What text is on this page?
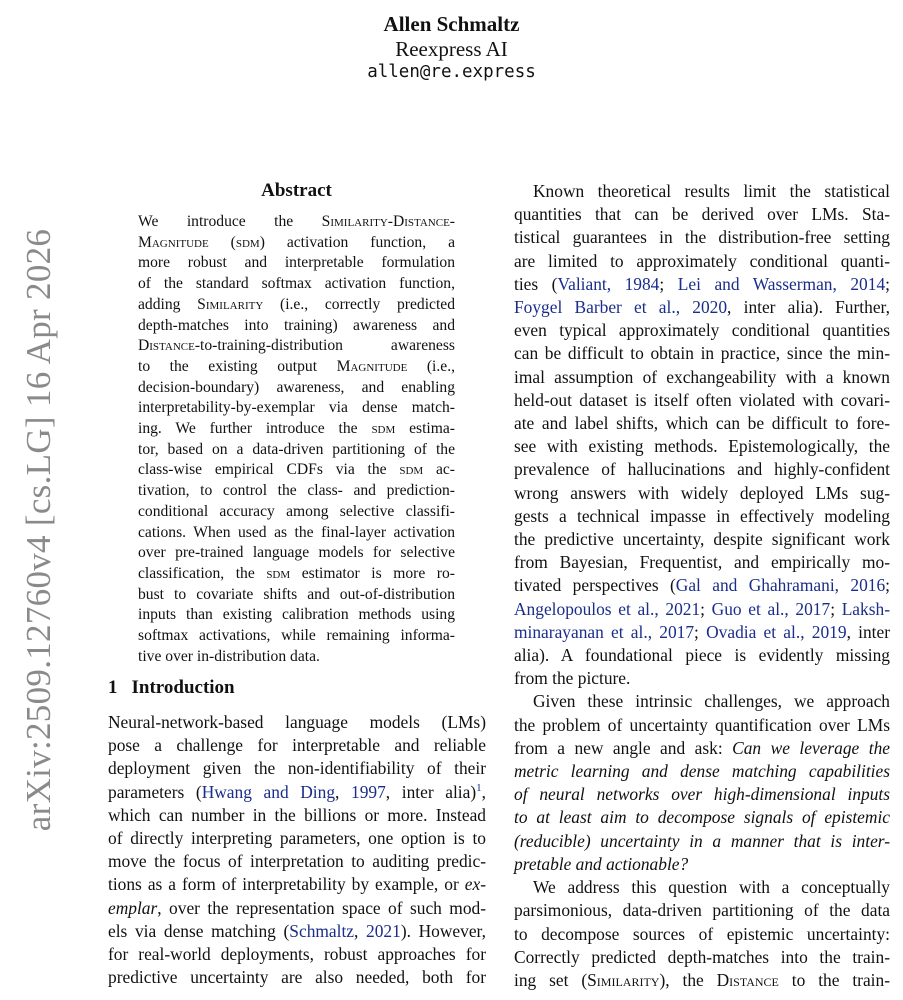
arXiv:2509.12760v4 [cs.LG] 16 Apr 2026
Allen Schmaltz
Reexpress AI
allen@re.express
Abstract
We introduce the Similarity-Distance-
Magnitude (sdm) activation function, a
more robust and interpretable formulation
of the standard softmax activation function,
adding Similarity (i.e., correctly predicted
depth-matches into training) awareness and
Distance-to-training-distribution awareness
to the existing output Magnitude (i.e.,
decision-boundary) awareness, and enabling
interpretability-by-exemplar via dense match-
ing. We further introduce the sdm estima-
tor, based on a data-driven partitioning of the
class-wise empirical CDFs via the sdm ac-
tivation, to control the class- and prediction-
conditional accuracy among selective classifi-
cations. When used as the final-layer activation
over pre-trained language models for selective
classification, the sdm estimator is more ro-
bust to covariate shifts and out-of-distribution
inputs than existing calibration methods using
softmax activations, while remaining informa-
tive over in-distribution data.
1 Introduction
Neural-network-based language models (LMs)
pose a challenge for interpretable and reliable
deployment given the non-identifiability of their
parameters (Hwang and Ding, 1997, inter alia)$^1$,
which can number in the billions or more. Instead
of directly interpreting parameters, one option is to
move the focus of interpretation to auditing predic-
tions as a form of interpretability by example, or ex-
emplar, over the representation space of such mod-
els via dense matching (Schmaltz, 2021). However,
for real-world deployments, robust approaches for
predictive uncertainty are also needed, both for
Known theoretical results limit the statistical
quantities that can be derived over LMs. Sta-
tistical guarantees in the distribution-free setting
are limited to approximately conditional quanti-
ties (Valiant, 1984; Lei and Wasserman, 2014;
Foygel Barber et al., 2020, inter alia). Further,
even typical approximately conditional quantities
can be difficult to obtain in practice, since the min-
imal assumption of exchangeability with a known
held-out dataset is itself often violated with covari-
ate and label shifts, which can be difficult to fore-
see with existing methods. Epistemologically, the
prevalence of hallucinations and highly-confident
wrong answers with widely deployed LMs sug-
gests a technical impasse in effectively modeling
the predictive uncertainty, despite significant work
from Bayesian, Frequentist, and empirically mo-
tivated perspectives (Gal and Ghahramani, 2016;
Angelopoulos et al., 2021; Guo et al., 2017; Laksh-
minarayanan et al., 2017; Ovadia et al., 2019, inter
alia). A foundational piece is evidently missing
from the picture.
Given these intrinsic challenges, we approach
the problem of uncertainty quantification over LMs
from a new angle and ask: Can we leverage the
metric learning and dense matching capabilities
of neural networks over high-dimensional inputs
to at least aim to decompose signals of epistemic
(reducible) uncertainty in a manner that is inter-
pretable and actionable?
We address this question with a conceptually
parsimonious, data-driven partitioning of the data
to decompose sources of epistemic uncertainty:
Correctly predicted depth-matches into the train-
ing set (Similarity), the Distance to the train-
